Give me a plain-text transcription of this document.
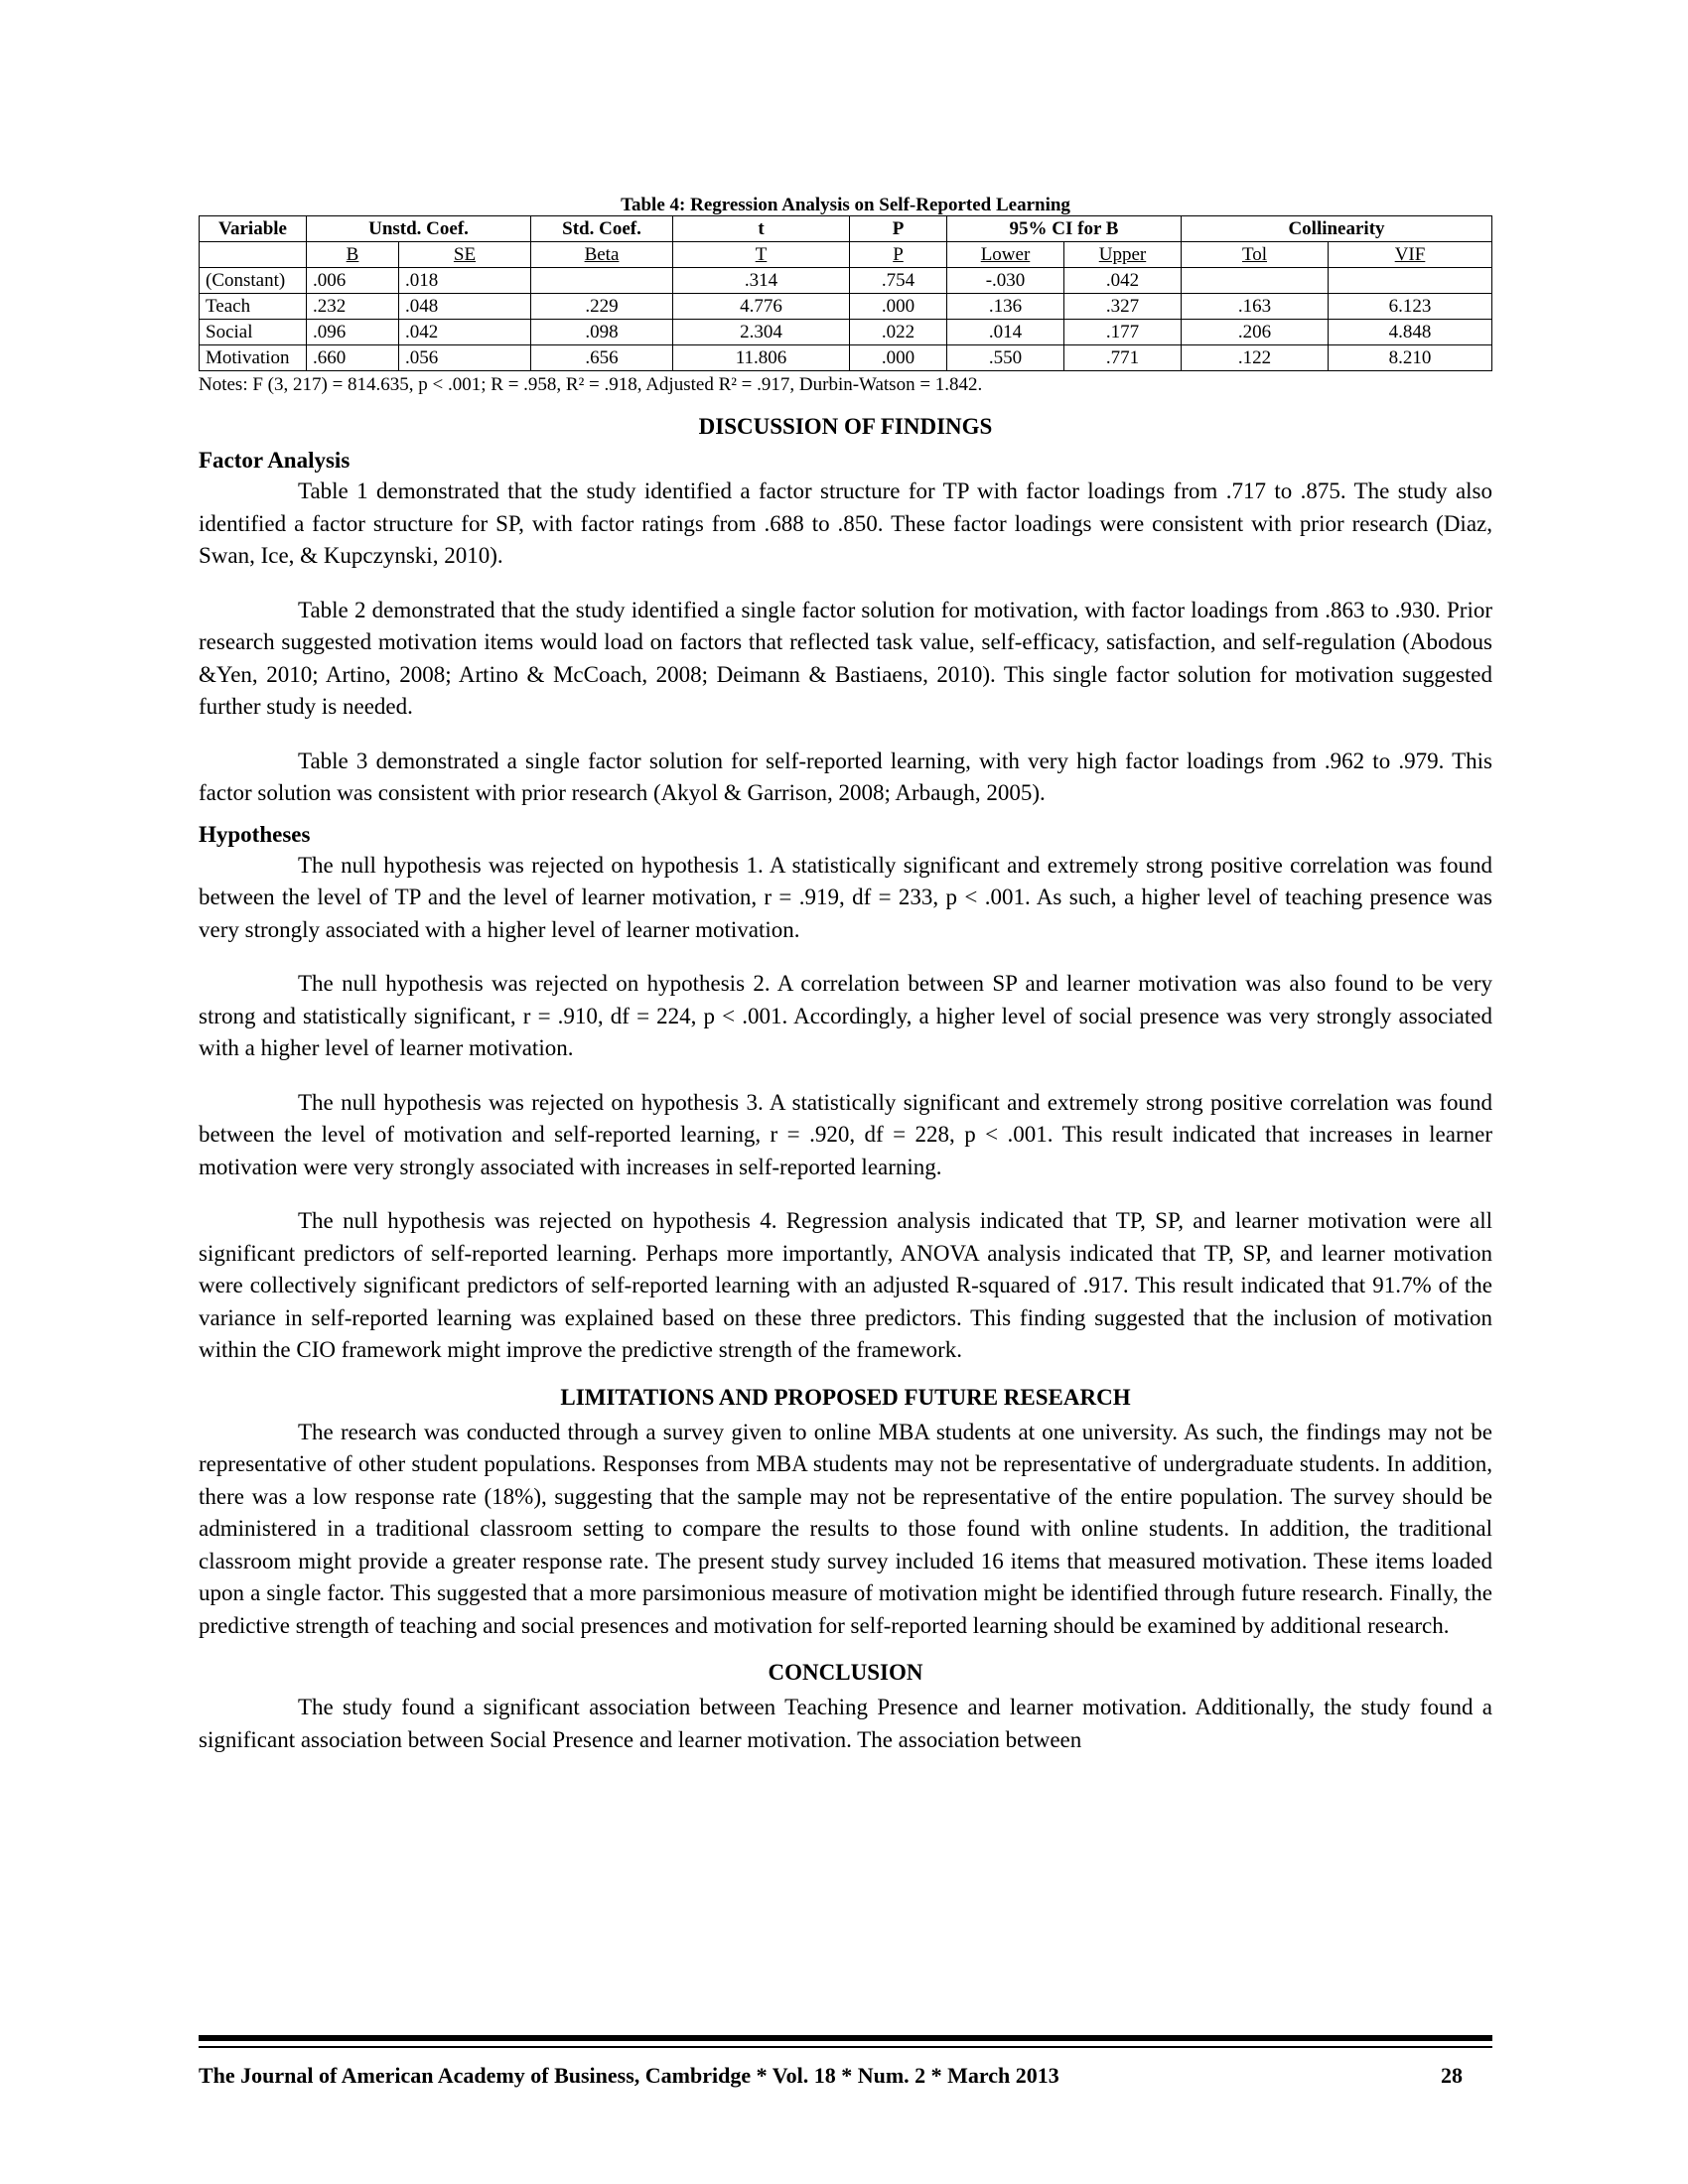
Table 4: Regression Analysis on Self-Reported Learning
Variable	Unstd. Coef.		Std. Coef.	t	P	95% CI for B		Collinearity	
	B	SE	Beta	T	P	Lower	Upper	Tol	VIF
(Constant)	.006	.018		.314	.754	-.030	.042		
Teach	.232	.048	.229	4.776	.000	.136	.327	.163	6.123
Social	.096	.042	.098	2.304	.022	.014	.177	.206	4.848
Motivation	.660	.056	.656	11.806	.000	.550	.771	.122	8.210
Notes: F (3, 217) = 814.635, p < .001; R = .958, R² = .918, Adjusted R² = .917, Durbin-Watson = 1.842.
DISCUSSION OF FINDINGS
Factor Analysis

Table 1 demonstrated that the study identified a factor structure for TP with factor loadings from .717 to .875. The study also identified a factor structure for SP, with factor ratings from .688 to .850. These factor loadings were consistent with prior research (Diaz, Swan, Ice, & Kupczynski, 2010).

Table 2 demonstrated that the study identified a single factor solution for motivation, with factor loadings from .863 to .930. Prior research suggested motivation items would load on factors that reflected task value, self-efficacy, satisfaction, and self-regulation (Abodous &Yen, 2010; Artino, 2008; Artino & McCoach, 2008; Deimann & Bastiaens, 2010). This single factor solution for motivation suggested further study is needed.

Table 3 demonstrated a single factor solution for self-reported learning, with very high factor loadings from .962 to .979. This factor solution was consistent with prior research (Akyol & Garrison, 2008; Arbaugh, 2005).

Hypotheses

The null hypothesis was rejected on hypothesis 1. A statistically significant and extremely strong positive correlation was found between the level of TP and the level of learner motivation, r = .919, df = 233, p < .001. As such, a higher level of teaching presence was very strongly associated with a higher level of learner motivation.

The null hypothesis was rejected on hypothesis 2. A correlation between SP and learner motivation was also found to be very strong and statistically significant, r = .910, df = 224, p < .001. Accordingly, a higher level of social presence was very strongly associated with a higher level of learner motivation.

The null hypothesis was rejected on hypothesis 3. A statistically significant and extremely strong positive correlation was found between the level of motivation and self-reported learning, r = .920, df = 228, p < .001. This result indicated that increases in learner motivation were very strongly associated with increases in self-reported learning.

The null hypothesis was rejected on hypothesis 4. Regression analysis indicated that TP, SP, and learner motivation were all significant predictors of self-reported learning. Perhaps more importantly, ANOVA analysis indicated that TP, SP, and learner motivation were collectively significant predictors of self-reported learning with an adjusted R-squared of .917. This result indicated that 91.7% of the variance in self-reported learning was explained based on these three predictors. This finding suggested that the inclusion of motivation within the CIO framework might improve the predictive strength of the framework.

LIMITATIONS AND PROPOSED FUTURE RESEARCH

The research was conducted through a survey given to online MBA students at one university. As such, the findings may not be representative of other student populations. Responses from MBA students may not be representative of undergraduate students. In addition, there was a low response rate (18%), suggesting that the sample may not be representative of the entire population. The survey should be administered in a traditional classroom setting to compare the results to those found with online students. In addition, the traditional classroom might provide a greater response rate. The present study survey included 16 items that measured motivation. These items loaded upon a single factor. This suggested that a more parsimonious measure of motivation might be identified through future research. Finally, the predictive strength of teaching and social presences and motivation for self-reported learning should be examined by additional research.

CONCLUSION

The study found a significant association between Teaching Presence and learner motivation. Additionally, the study found a significant association between Social Presence and learner motivation. The association between

The Journal of American Academy of Business, Cambridge * Vol. 18 * Num. 2 * March 2013	28
